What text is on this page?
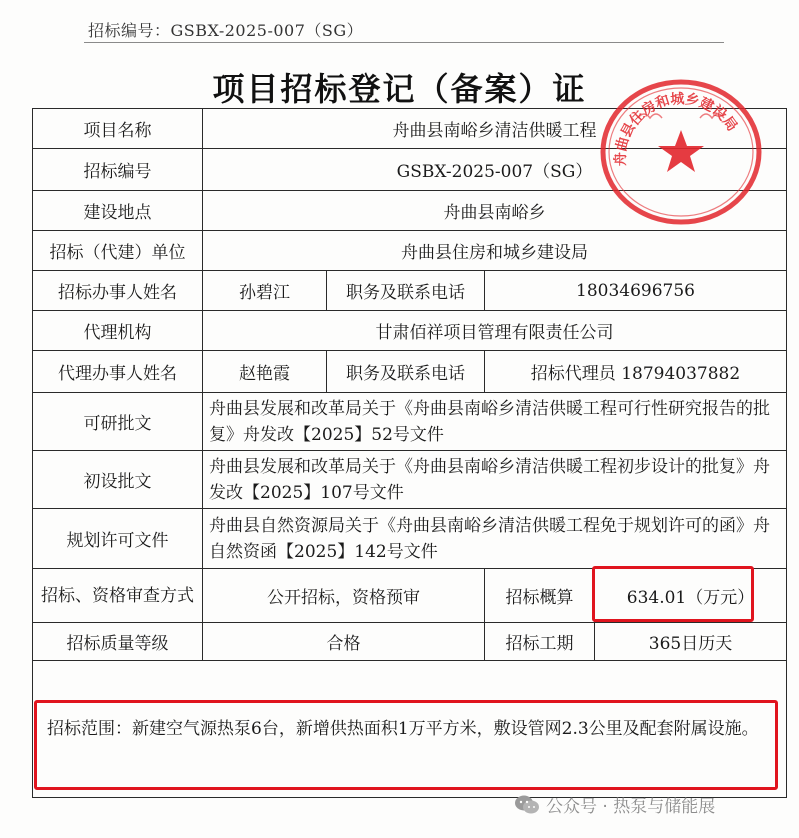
招标编号：GSBX-2025-007（SG）
项目招标登记（备案）证
项目名称	舟曲县南峪乡清洁供暖工程			
招标编号	GSBX-2025-007（SG）			
建设地点	舟曲县南峪乡			
招标（代建）单位	舟曲县住房和城乡建设局			
招标办事人姓名	孙碧江	职务及联系电话	18034696756	
代理机构	甘肃佰祥项目管理有限责任公司			
代理办事人姓名	赵艳霞	职务及联系电话	招标代理员 18794037882	
可研批文	舟曲县发展和改革局关于《舟曲县南峪乡清洁供暖工程可行性研究报告的批复》舟发改【2025】52号文件			
初设批文	舟曲县发展和改革局关于《舟曲县南峪乡清洁供暖工程初步设计的批复》舟发改【2025】107号文件			
规划许可文件	舟曲县自然资源局关于《舟曲县南峪乡清洁供暖工程免于规划许可的函》舟自然资函【2025】142号文件			
招标、资格审查方式	公开招标，资格预审		招标概算	634.01（万元）
招标质量等级	合格		招标工期	365日历天

招标范围：新建空气源热泵6台，新增供热面积1万平方米，敷设管网2.3公里及配套附属设施。				
舟曲县住房和城乡建设局
公众号 · 热泵与储能展
